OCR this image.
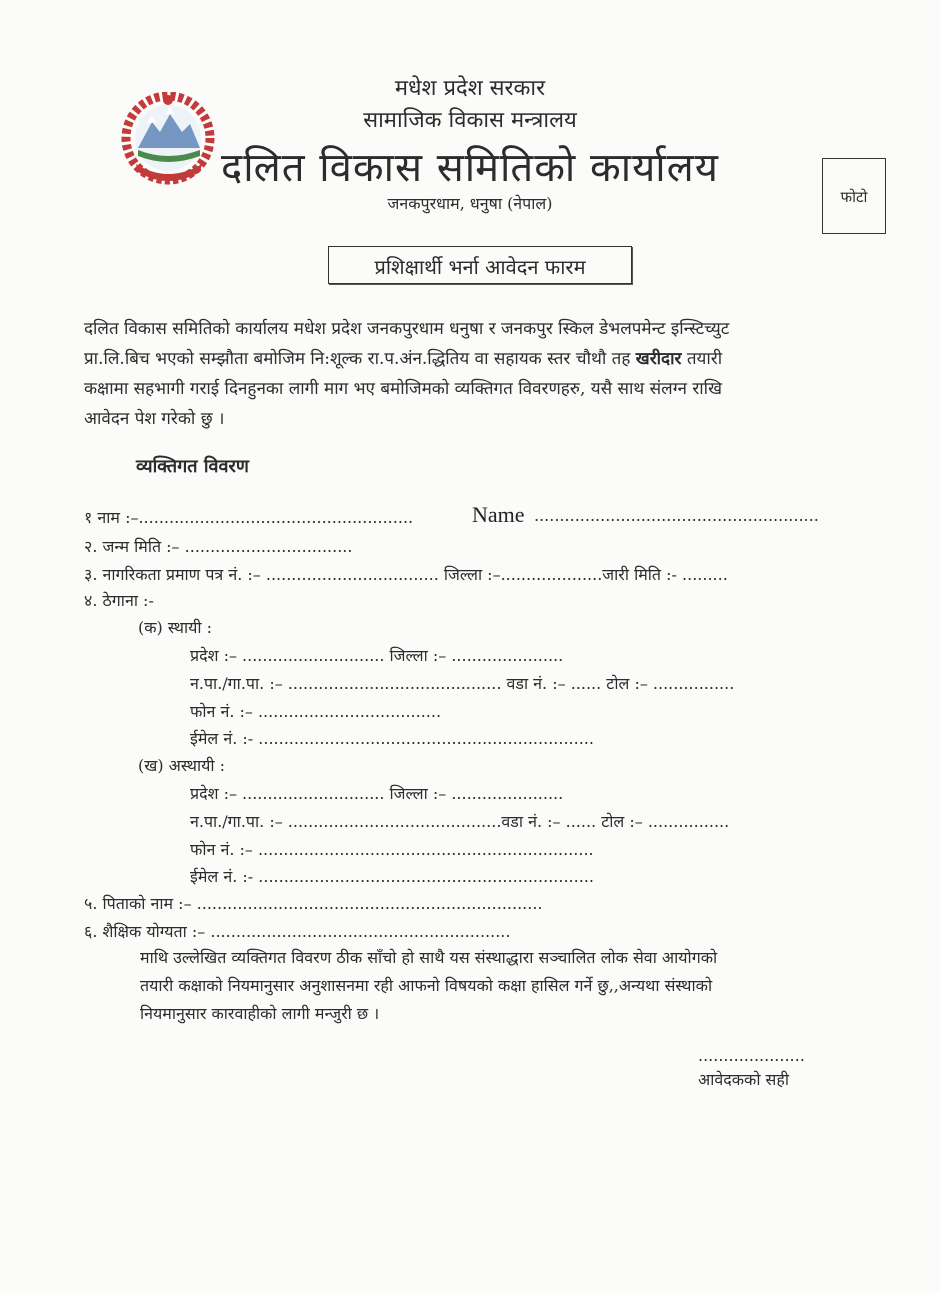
मधेश प्रदेश सरकार
सामाजिक विकास मन्त्रालय
दलित विकास समितिको कार्यालय
जनकपुरधाम, धनुषा (नेपाल)	फोटो
प्रशिक्षार्थी भर्ना आवेदन फारम
दलित विकास समितिको कार्यालय मधेश प्रदेश जनकपुरधाम धनुषा र जनकपुर स्किल डेभलपमेन्ट इन्स्टिच्युट
प्रा.लि.बिच भएको सम्झौता बमोजिम नि:शूल्क रा.प.अंन.द्धितिय वा सहायक स्तर चौथौ तह खरीदार तयारी
कक्षामा सहभागी गराई दिनहुनका लागी माग भए बमोजिमको व्यक्तिगत विवरणहरु, यसै साथ संलग्न राखि
आवेदन पेश गरेको छु ।
व्यक्तिगत विवरण
१ नाम :–......................................................	Name ........................................................
२. जन्म मिति :– .................................
३. नागरिकता प्रमाण पत्र नं. :– .................................. जिल्ला :–....................जारी मिति :- .........
४. ठेगाना :-
(क) स्थायी :
प्रदेश :– ............................ जिल्ला :– ......................
न.पा./गा.पा. :– .......................................... वडा नं. :– ...... टोल :– ................
फोन नं. :– ....................................
ईमेल नं. :- ..................................................................
(ख) अस्थायी :
प्रदेश :– ............................ जिल्ला :– ......................
न.पा./गा.पा. :– ..........................................वडा नं. :– ...... टोल :– ................
फोन नं. :– ..................................................................
ईमेल नं. :- ..................................................................
५. पिताको नाम :– ....................................................................
६. शैक्षिक योग्यता :– ...........................................................
माथि उल्लेखित व्यक्तिगत विवरण ठीक साँचो हो साथै यस संस्थाद्धारा सञ्चालित लोक सेवा आयोगको
तयारी कक्षाको नियमानुसार अनुशासनमा रही आफनो विषयको कक्षा हासिल गर्ने छु,,अन्यथा संस्थाको
नियमानुसार कारवाहीको लागी मन्जुरी छ ।
.....................
आवेदकको सही
